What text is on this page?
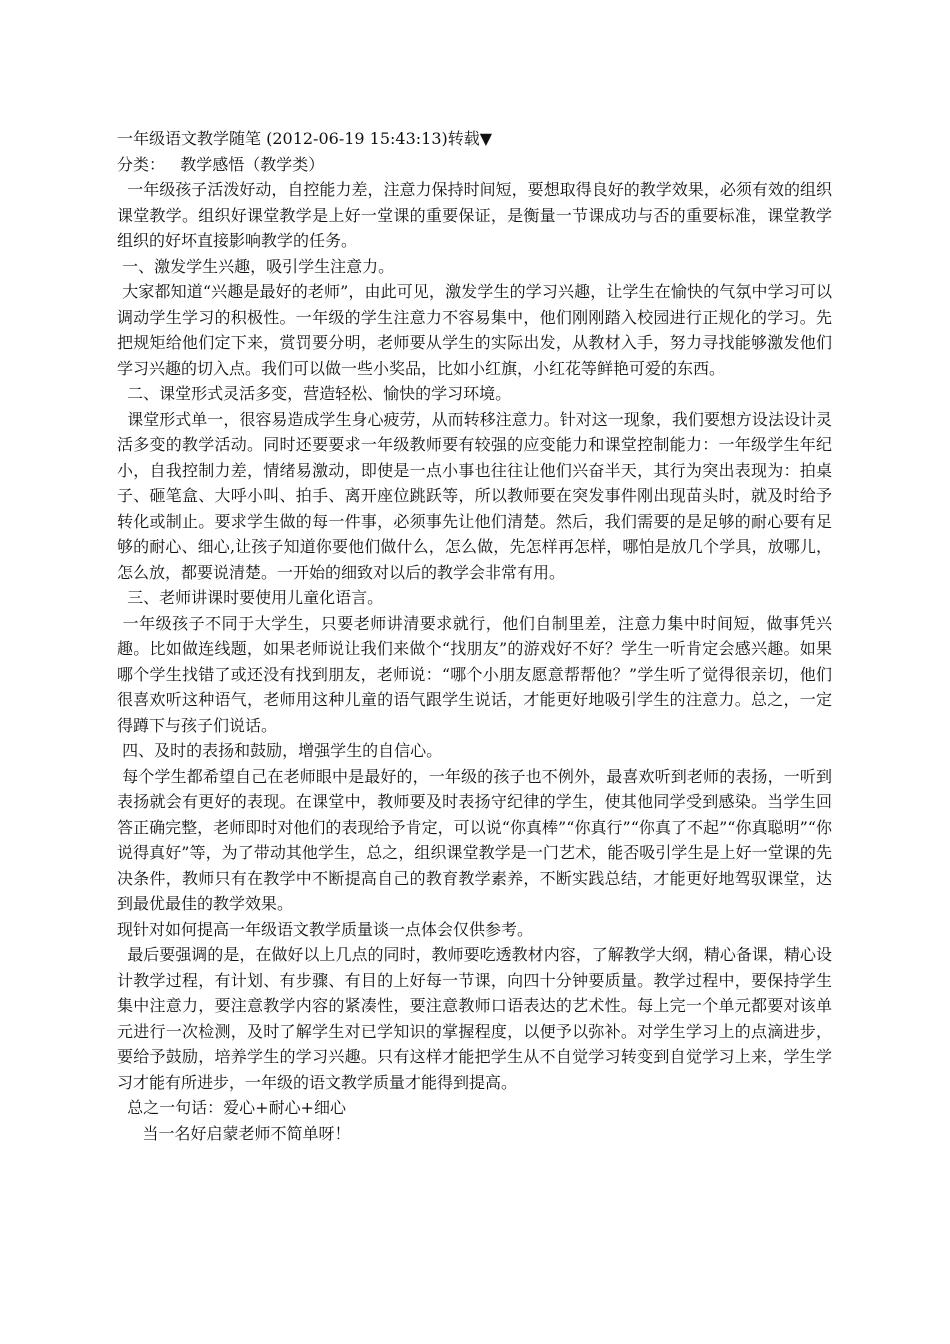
一年级语文教学随笔 (2012-06-19 15:43:13)转载▼

分类：   教学感悟（教学类）

一年级孩子活泼好动，自控能力差，注意力保持时间短，要想取得良好的教学效果，必须有效的组织课堂教学。组织好课堂教学是上好一堂课的重要保证，是衡量一节课成功与否的重要标准，课堂教学组织的好坏直接影响教学的任务。

一、激发学生兴趣，吸引学生注意力。

大家都知道“兴趣是最好的老师”，由此可见，激发学生的学习兴趣，让学生在愉快的气氛中学习可以调动学生学习的积极性。一年级的学生注意力不容易集中，他们刚刚踏入校园进行正规化的学习。先把规矩给他们定下来，赏罚要分明，老师要从学生的实际出发，从教材入手，努力寻找能够激发他们学习兴趣的切入点。我们可以做一些小奖品，比如小红旗，小红花等鲜艳可爱的东西。

二、课堂形式灵活多变，营造轻松、愉快的学习环境。

课堂形式单一，很容易造成学生身心疲劳，从而转移注意力。针对这一现象，我们要想方设法设计灵活多变的教学活动。同时还要要求一年级教师要有较强的应变能力和课堂控制能力：一年级学生年纪小，自我控制力差，情绪易激动，即使是一点小事也往往让他们兴奋半天，其行为突出表现为：拍桌子、砸笔盒、大呼小叫、拍手、离开座位跳跃等，所以教师要在突发事件刚出现苗头时，就及时给予转化或制止。要求学生做的每一件事，必须事先让他们清楚。然后，我们需要的是足够的耐心要有足够的耐心、细心,让孩子知道你要他们做什么，怎么做，先怎样再怎样，哪怕是放几个学具，放哪儿，怎么放，都要说清楚。一开始的细致对以后的教学会非常有用。

三、老师讲课时要使用儿童化语言。

一年级孩子不同于大学生，只要老师讲清要求就行，他们自制里差，注意力集中时间短，做事凭兴趣。比如做连线题，如果老师说让我们来做个“找朋友”的游戏好不好？学生一听肯定会感兴趣。如果哪个学生找错了或还没有找到朋友，老师说：“哪个小朋友愿意帮帮他？”学生听了觉得很亲切，他们很喜欢听这种语气，老师用这种儿童的语气跟学生说话，才能更好地吸引学生的注意力。总之，一定得蹲下与孩子们说话。

四、及时的表扬和鼓励，增强学生的自信心。

每个学生都希望自己在老师眼中是最好的，一年级的孩子也不例外，最喜欢听到老师的表扬，一听到表扬就会有更好的表现。在课堂中，教师要及时表扬守纪律的学生，使其他同学受到感染。当学生回答正确完整，老师即时对他们的表现给予肯定，可以说“你真棒”“你真行”“你真了不起”“你真聪明”“你说得真好”等，为了带动其他学生，总之，组织课堂教学是一门艺术，能否吸引学生是上好一堂课的先决条件，教师只有在教学中不断提高自己的教育教学素养，不断实践总结，才能更好地驾驭课堂，达到最优最佳的教学效果。

现针对如何提高一年级语文教学质量谈一点体会仅供参考。

最后要强调的是，在做好以上几点的同时，教师要吃透教材内容，了解教学大纲，精心备课，精心设计教学过程，有计划、有步骤、有目的上好每一节课，向四十分钟要质量。教学过程中，要保持学生集中注意力，要注意教学内容的紧凑性，要注意教师口语表达的艺术性。每上完一个单元都要对该单元进行一次检测，及时了解学生对已学知识的掌握程度，以便予以弥补。对学生学习上的点滴进步，要给予鼓励，培养学生的学习兴趣。只有这样才能把学生从不自觉学习转变到自觉学习上来，学生学习才能有所进步，一年级的语文教学质量才能得到提高。

总之一句话：爱心+耐心+细心

当一名好启蒙老师不简单呀！
